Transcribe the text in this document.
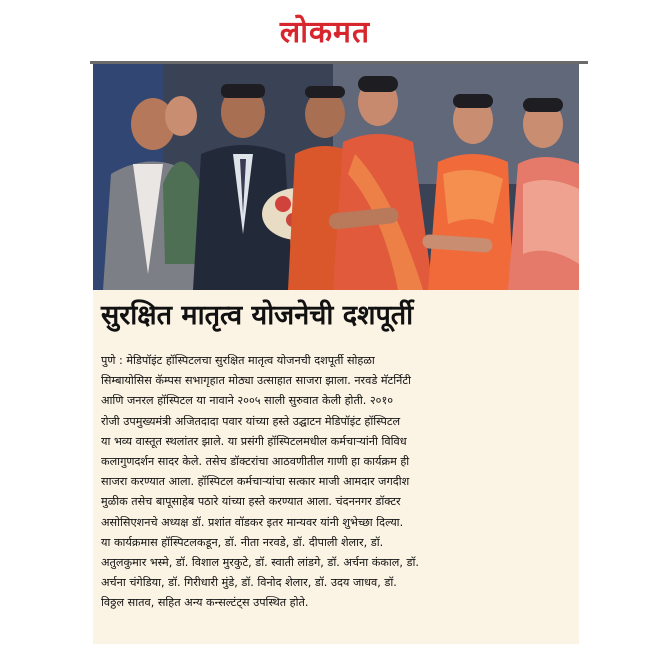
लोकमत
सुरक्षित मातृत्व योजनेची दशपूर्ती
पुणे : मेडिपॉइंट हॉस्पिटलचा सुरक्षित मातृत्व योजनची दशपूर्ती सोहळा
सिम्बायोसिस कॅम्पस सभागृहात मोठ्या उत्साहात साजरा झाला. नरवडे मॅटर्निटी
आणि जनरल हॉस्पिटल या नावाने २००५ साली सुरुवात केली होती. २०१०
रोजी उपमुख्यमंत्री अजितदादा पवार यांच्या हस्ते उद्घाटन मेडिपॉइंट हॉस्पिटल
या भव्य वास्तूत स्थलांतर झाले. या प्रसंगी हॉस्पिटलमधील कर्मचाऱ्यांनी विविध
कलागुणदर्शन सादर केले. तसेच डॉक्टरांचा आठवणीतील गाणी हा कार्यक्रम ही
साजरा करण्यात आला. हॉस्पिटल कर्मचाऱ्यांचा सत्कार माजी आमदार जगदीश
मुळीक तसेच बापूसाहेब पठारे यांच्या हस्ते करण्यात आला. चंदननगर डॉक्टर
असोसिएशनचे अध्यक्ष डॉ. प्रशांत वॉडकर इतर मान्यवर यांनी शुभेच्छा दिल्या.
या कार्यक्रमास हॉस्पिटलकडून, डॉ. नीता नरवडे, डॉ. दीपाली शेलार, डॉ.
अतुलकुमार भस्मे, डॉ. विशाल मुरकुटे, डॉ. स्वाती लांडगे, डॉ. अर्चना कंकाल, डॉ.
अर्चना चंगेडिया, डॉ. गिरीधारी मुंडे, डॉ. विनोद शेलार, डॉ. उदय जाधव, डॉ.
विठ्ठल सातव, सहित अन्य कन्सल्टंट्स उपस्थित होते.
